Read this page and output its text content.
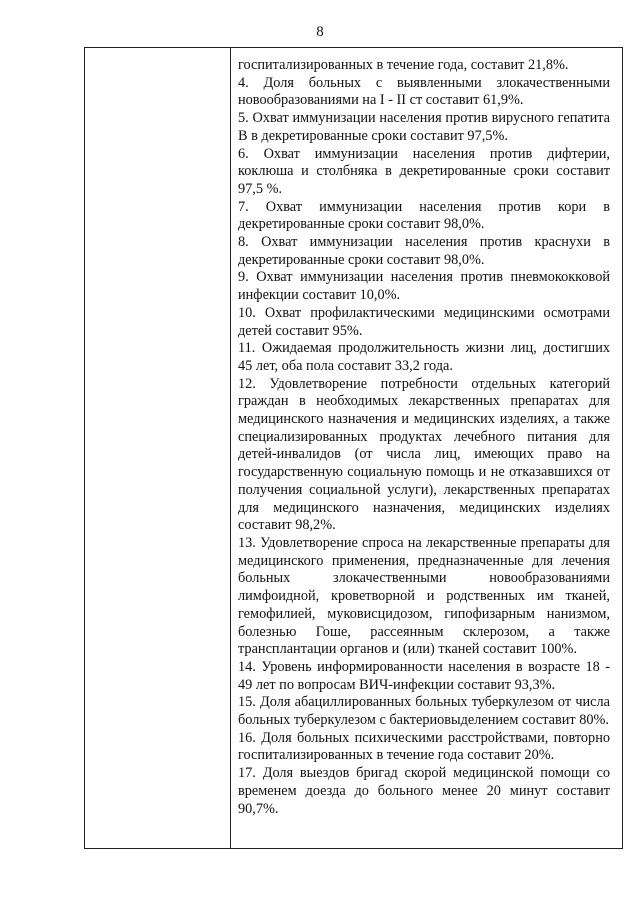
8

госпитализированных в течение года, составит 21,8%.

4. Доля больных с выявленными злокачественными новообразованиями на I - II ст составит 61,9%.

5. Охват иммунизации населения против вирусного гепатита В в декретированные сроки составит 97,5%.

6. Охват иммунизации населения против дифтерии, коклюша и столбняка в декретированные сроки составит 97,5 %.

7. Охват иммунизации населения против кори в декретированные сроки составит 98,0%.

8. Охват иммунизации населения против краснухи в декретированные сроки составит 98,0%.

9. Охват иммунизации населения против пневмококковой инфекции составит 10,0%.

10. Охват профилактическими медицинскими осмотрами детей составит 95%.

11. Ожидаемая продолжительность жизни лиц, достигших 45 лет, оба пола составит 33,2 года.

12. Удовлетворение потребности отдельных категорий граждан в необходимых лекарственных препаратах для медицинского назначения и медицинских изделиях, а также специализированных продуктах лечебного питания для детей-инвалидов (от числа лиц, имеющих право на государственную социальную помощь и не отказавшихся от получения социальной услуги), лекарственных препаратах для медицинского назначения, медицинских изделиях составит 98,2%.

13. Удовлетворение спроса на лекарственные препараты для медицинского применения, предназначенные для лечения больных злокачественными новообразованиями лимфоидной, кроветворной и родственных им тканей, гемофилией, муковисцидозом, гипофизарным нанизмом, болезнью Гоше, рассеянным склерозом, а также трансплантации органов и (или) тканей составит 100%.

14. Уровень информированности населения в возрасте 18 - 49 лет по вопросам ВИЧ-инфекции составит 93,3%.

15. Доля абациллированных больных туберкулезом от числа больных туберкулезом с бактериовыделением составит 80%.

16. Доля больных психическими расстройствами, повторно госпитализированных в течение года составит 20%.

17. Доля выездов бригад скорой медицинской помощи со временем доезда до больного менее 20 минут составит 90,7%.
